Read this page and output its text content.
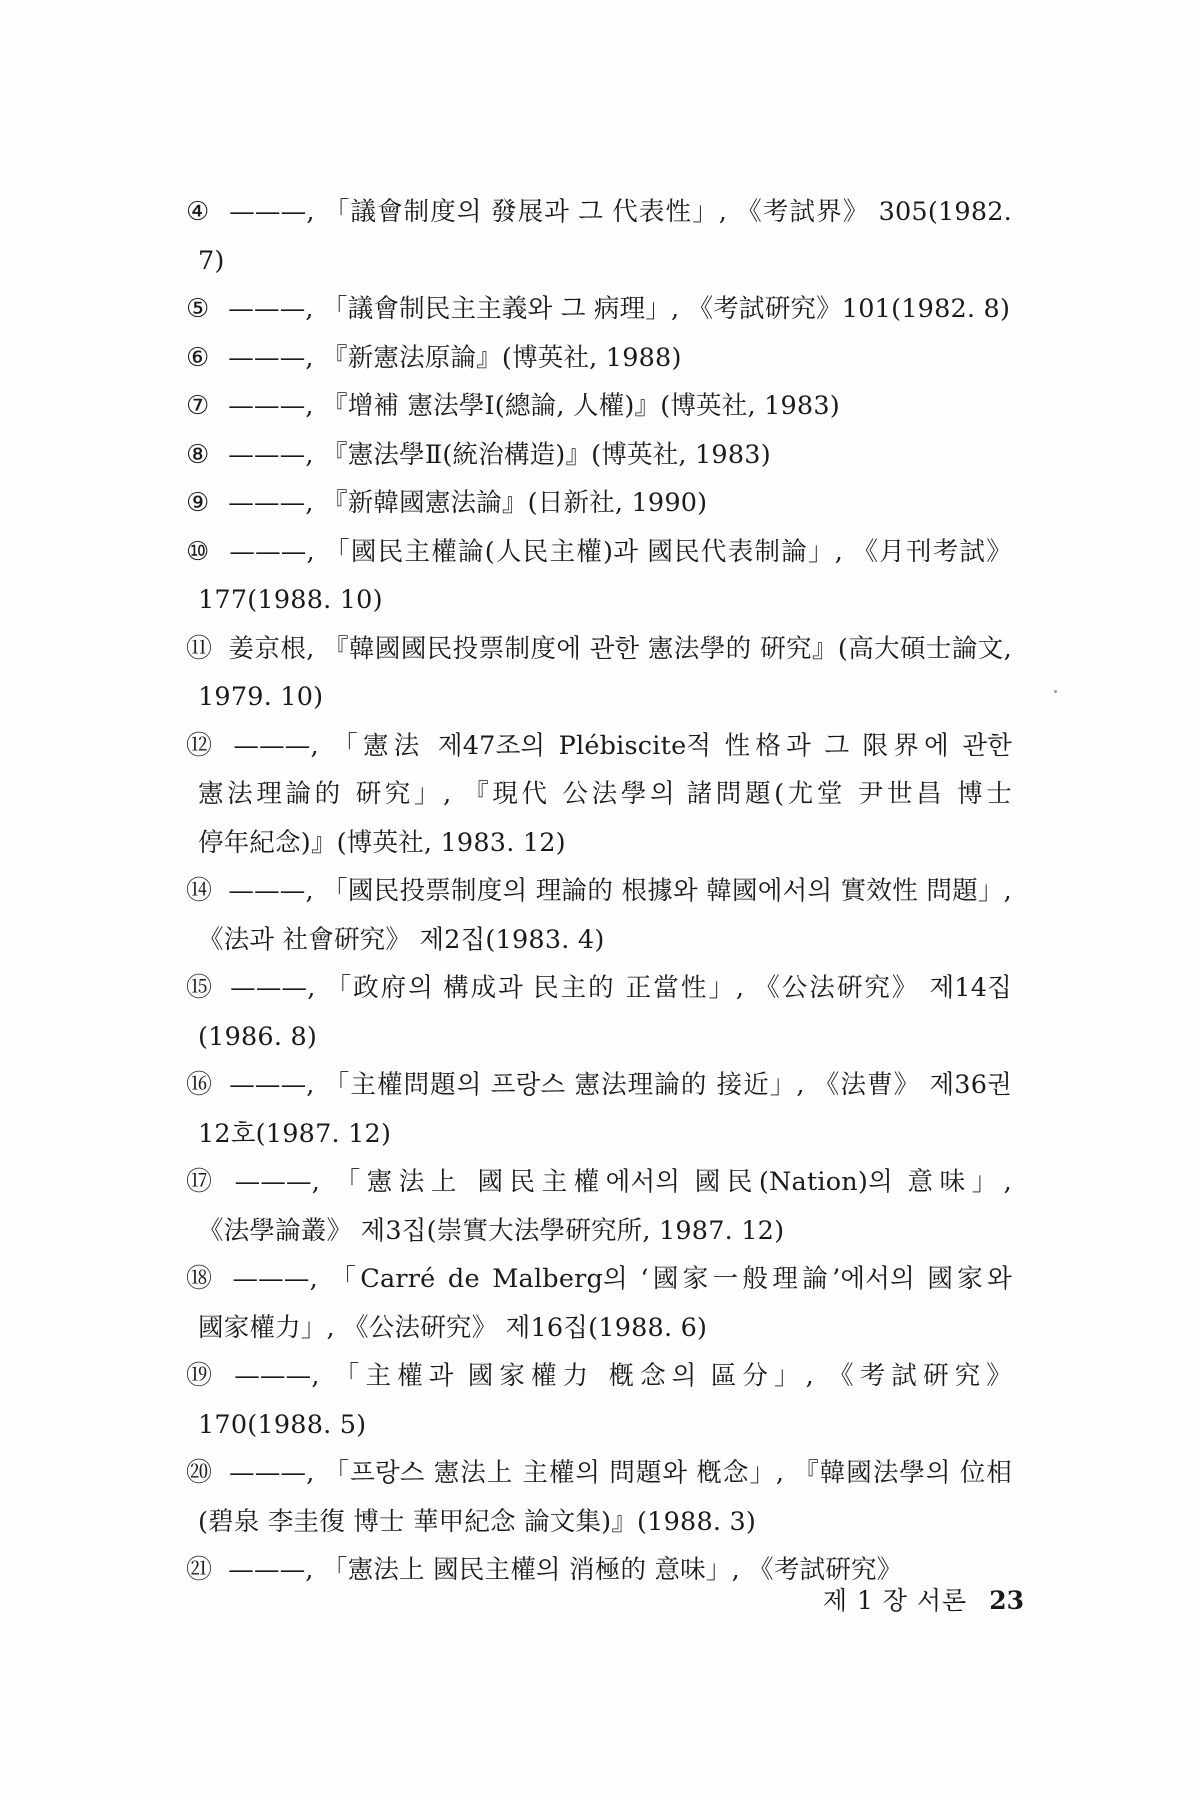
④ ———, 「議會制度의 發展과 그 代表性」, 《考試界》 305(1982. 7)
⑤ ———, 「議會制民主主義와 그 病理」, 《考試硏究》101(1982. 8)
⑥ ———, 『新憲法原論』(博英社, 1988)
⑦ ———, 『增補 憲法學Ⅰ(總論, 人權)』(博英社, 1983)
⑧ ———, 『憲法學Ⅱ(統治構造)』(博英社, 1983)
⑨ ———, 『新韓國憲法論』(日新社, 1990)
⑩ ———, 「國民主權論(人民主權)과 國民代表制論」, 《月刊考試》 177(1988. 10)
⑪ 姜京根, 『韓國國民投票制度에 관한 憲法學的 硏究』(高大碩士論文, 1979. 10)
⑫ ———, 「憲法 제47조의 Plébiscite적 性格과 그 限界에 관한 憲法理論的 硏究」, 『現代 公法學의 諸問題(尤堂 尹世昌 博士 停年紀念)』(博英社, 1983. 12)
⑭ ———, 「國民投票制度의 理論的 根據와 韓國에서의 實效性 問題」, 《法과 社會硏究》 제2집(1983. 4)
⑮ ———, 「政府의 構成과 民主的 正當性」, 《公法硏究》 제14집(1986. 8)
⑯ ———, 「主權問題의 프랑스 憲法理論的 接近」, 《法曹》 제36권 12호(1987. 12)
⑰ ———, 「憲法上 國民主權에서의 國民(Nation)의 意味」, 《法學論叢》 제3집(崇實大法學硏究所, 1987. 12)
⑱ ———, 「Carré de Malberg의 ‘國家一般理論’에서의 國家와 國家權力」, 《公法硏究》 제16집(1988. 6)
⑲ ———, 「主權과 國家權力 槪念의 區分」, 《考試硏究》 170(1988. 5)
⑳ ———, 「프랑스 憲法上 主權의 問題와 槪念」, 『韓國法學의 位相(碧泉 李圭復 博士 華甲紀念 論文集)』(1988. 3)
㉑ ———, 「憲法上 國民主權의 消極的 意味」, 《考試硏究》
제 1 장 서론 23
